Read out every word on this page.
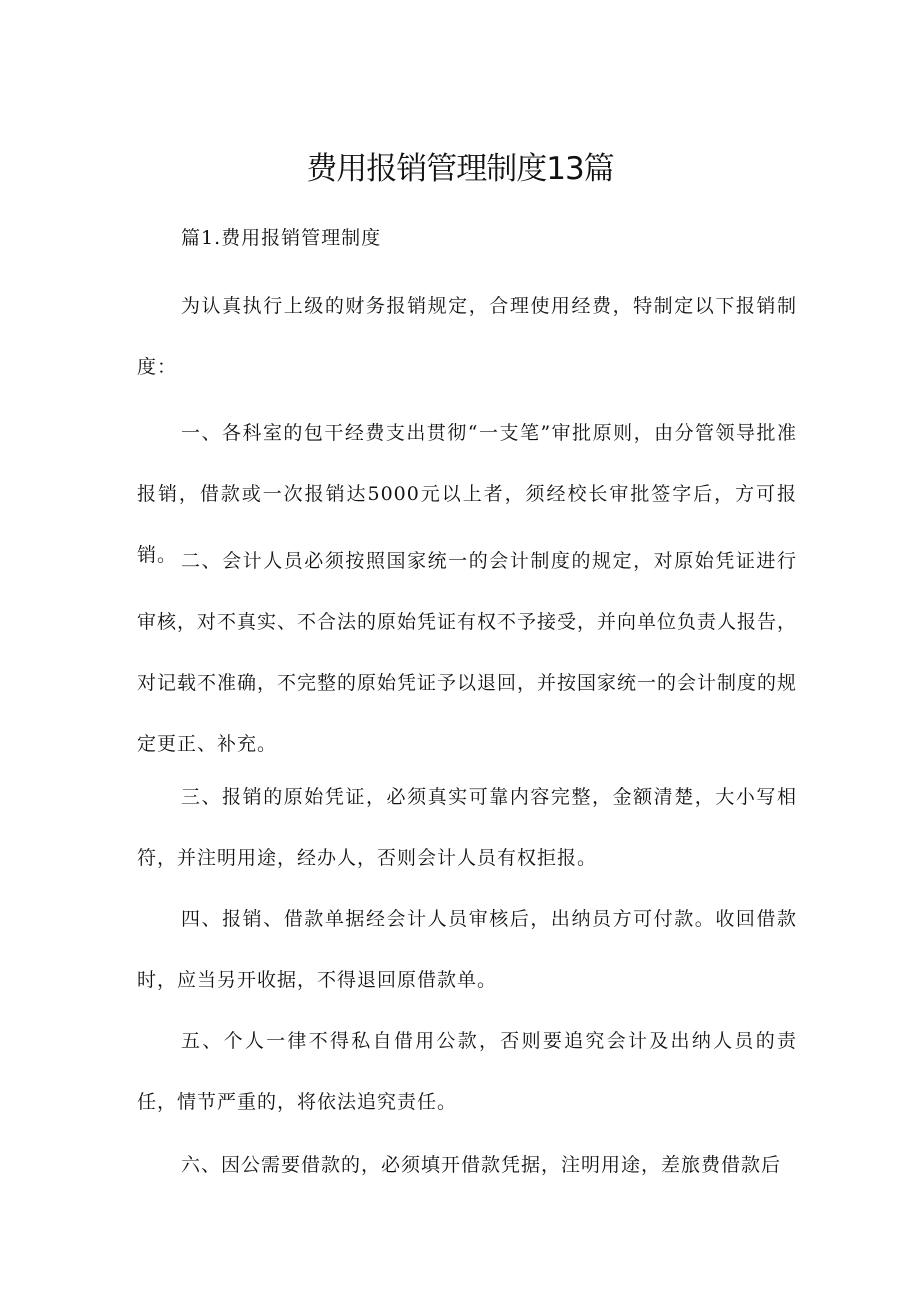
费用报销管理制度13篇
篇1.费用报销管理制度

为认真执行上级的财务报销规定，合理使用经费，特制定以下报销制度：

一、各科室的包干经费支出贯彻“一支笔”审批原则，由分管领导批准报销，借款或一次报销达5000元以上者，须经校长审批签字后，方可报销。 二、会计人员必须按照国家统一的会计制度的规定，对原始凭证进行审核，对不真实、不合法的原始凭证有权不予接受，并向单位负责人报告，对记载不准确，不完整的原始凭证予以退回，并按国家统一的会计制度的规定更正、补充。

三、报销的原始凭证，必须真实可靠内容完整，金额清楚，大小写相符，并注明用途，经办人，否则会计人员有权拒报。

四、报销、借款单据经会计人员审核后，出纳员方可付款。收回借款时，应当另开收据，不得退回原借款单。

五、个人一律不得私自借用公款，否则要追究会计及出纳人员的责任，情节严重的，将依法追究责任。

六、因公需要借款的，必须填开借款凭据，注明用途，差旅费借款后
